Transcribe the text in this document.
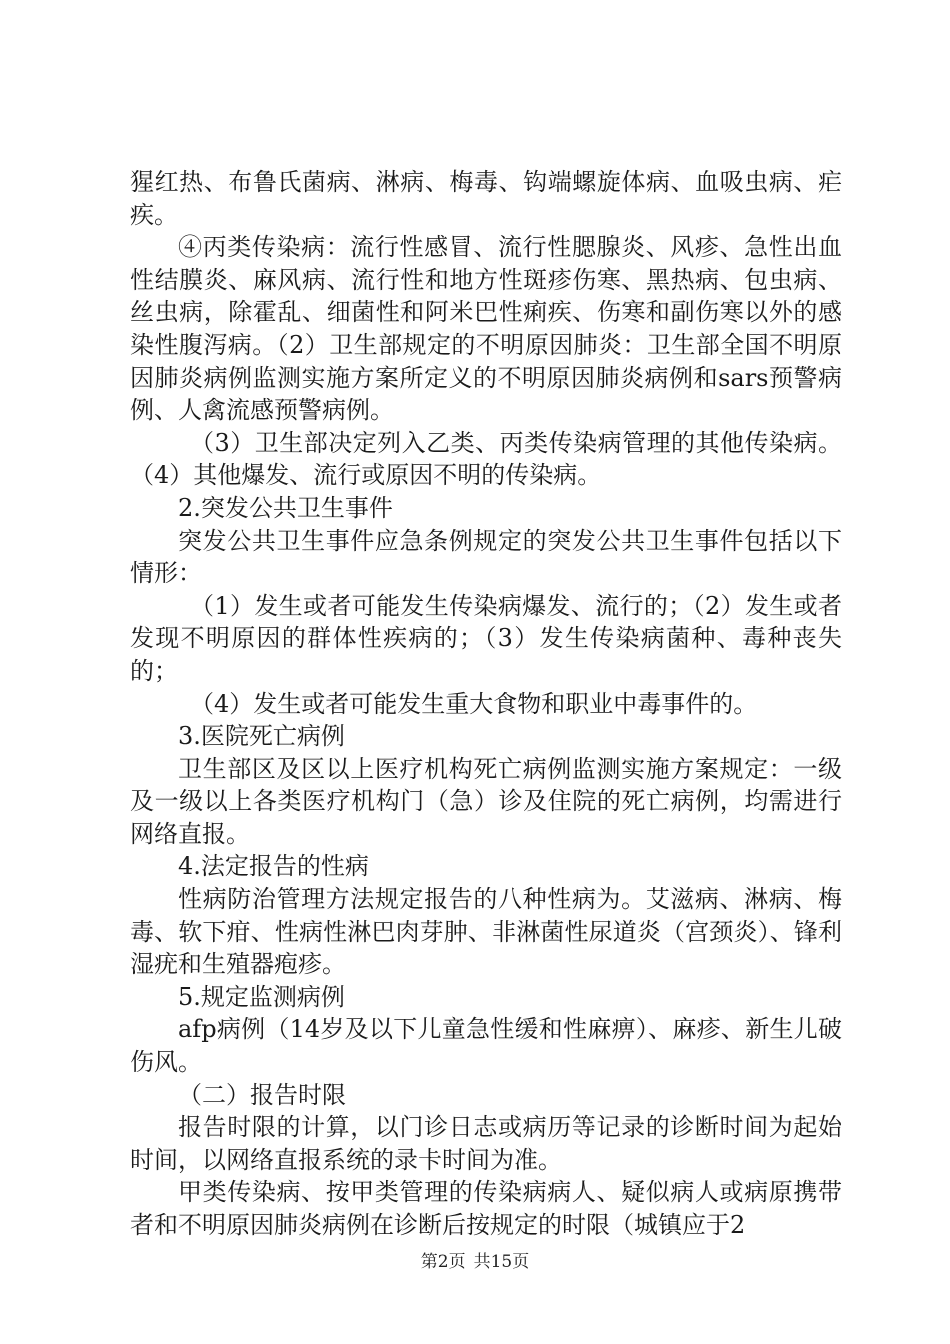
猩红热、布鲁氏菌病、淋病、梅毒、钩端螺旋体病、血吸虫病、疟疾。

④丙类传染病：流行性感冒、流行性腮腺炎、风疹、急性出血性结膜炎、麻风病、流行性和地方性斑疹伤寒、黑热病、包虫病、丝虫病，除霍乱、细菌性和阿米巴性痢疾、伤寒和副伤寒以外的感染性腹泻病。（2）卫生部规定的不明原因肺炎：卫生部全国不明原因肺炎病例监测实施方案所定义的不明原因肺炎病例和sars预警病例、人禽流感预警病例。

（3）卫生部决定列入乙类、丙类传染病管理的其他传染病。（4）其他爆发、流行或原因不明的传染病。

2.突发公共卫生事件

突发公共卫生事件应急条例规定的突发公共卫生事件包括以下情形：

（1）发生或者可能发生传染病爆发、流行的；（2）发生或者发现不明原因的群体性疾病的；（3）发生传染病菌种、毒种丧失的；

（4）发生或者可能发生重大食物和职业中毒事件的。

3.医院死亡病例

卫生部区及区以上医疗机构死亡病例监测实施方案规定：一级及一级以上各类医疗机构门（急）诊及住院的死亡病例，均需进行网络直报。

4.法定报告的性病

性病防治管理方法规定报告的八种性病为。艾滋病、淋病、梅毒、软下疳、性病性淋巴肉芽肿、非淋菌性尿道炎（宫颈炎）、锋利湿疣和生殖器疱疹。

5.规定监测病例

afp病例（14岁及以下儿童急性缓和性麻痹）、麻疹、新生儿破伤风。

（二）报告时限

报告时限的计算，以门诊日志或病历等记录的诊断时间为起始时间，以网络直报系统的录卡时间为准。

甲类传染病、按甲类管理的传染病病人、疑似病人或病原携带者和不明原因肺炎病例在诊断后按规定的时限（城镇应于2

第2页 共15页
